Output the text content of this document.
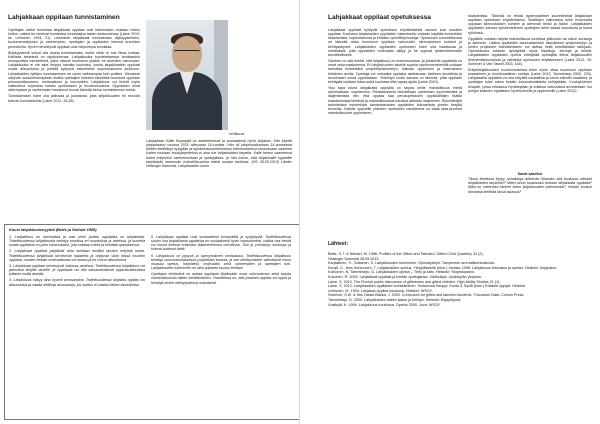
Lahjakkaan oppilaan tunnistaminen

Opettajien taidot tunnistaa lahjakkaat oppilaat ovat tutkimusten mukaan melko heikot, vaikka he toimivat luontevina tunnistajina lasten keskuudessa (Laine 2010; ks. Lehtonen 1994, 21). Useimmin lahjakkaat tunnistetaan älykkyystestien, koulumenestyksen ja vanhempien, opettajien ja oppilaiden itsensä arvioiden perusteella. Hyvin menestyvät oppilaat ovat helpoimpia tunnistaa.

Älykkyystestit voivat olla osana tunnistamista, mutta niihin ei tule liikaa luottaa. Kaikissa testeissä on rajoituksensa. Lahjakkuutta tunnistettaessa tarvitaankin monipuolisia menetelmiä, jotka ottavat huomioon yksilön eri alueiden vahvuudet. Lahjakkuutta ei ole aina helppo havaita koulussa, koska lahjakkaatkin oppilaat voivat alisuoriutua ja peittää kykynsä esimerkiksi sopeutuakseen joukkoon. Lahjakkaiden tyttöjen tunnistaminen on usein vaikeampaa kuin poikien. Ulkoisesti näkyvän koulumenestyksen lisäksi opettajien tuleekin kiinnittää huomiota oppilaan persoonallisuuteen, motivaatioon ja luovuuteen. Lahjakkuus voi ilmetä myös vaikeutena sopeutua luokan opetukseen ja levottomuutena. Oppilaiden omat näkemykset ja vanhempien havainnot tuovat tärkeää tietoa tunnistamisen tueksi.

Tunnistamisen tulee olla jatkuvaa ja joustavaa, jotta lahjakkuuden eri muodot tulevat huomioiduiksi (Laine 2012, 25-26).

Lehtikuva
Lahjakkaan Kalle Kujanpää on akateemisesti ja sosiaalisesti hyvin lahjakas. Hän kirjoitti ylioppilaaksi vuonna 2010 ollessaan 16-vuotias. Hän oli yliopistoaikanaan 14-vuotiaasta lähtien kehittänyt kykyjään ja opiskelusuunnitelmansa toteutumisessa kouluissaan saaneen Kallen mukaan koulujärjestelmä ei aina tue lahjakkaiden tarpeita. Kalle kertoo saaneensa tukea erityisesti vanhemmiltaan ja opettajiltaan, ja hän toivoo, että lahjakkaille oppilaille tarjottaisiin enemmän mahdollisuuksia edetä omaan tahtiinsa. (HS 28.05.2013) Lähde: Helsingin Sanomat, Lahjakkaiden koulu.
Kuusi lahjakkuusmyyttiä (Betts ja Neihart 1988)

1. Lahjakkuus on harvinaista ja vain pieni joukko oppilaista on lahjakkaita. Todellisuudessa lahjakkuutta esiintyy monissa eri muodoissa ja asteissa, ja suurella osalla oppilaista on jokin vahvuusalue, jota voidaan tukea ja kehittää opetuksessa.

2. Lahjakkaat oppilaat pärjäävät aina omillaan eivätkä tarvitse erityistä tukea. Todellisuudessa lahjakkaat tarvitsevat haasteita ja ohjausta siinä missä muutkin oppilaat, muuten heidän motivaationsa voi laskea ja he voivat alisuoriutua.

3. Lahjakkaat oppilaat menestyvät kaikissa aineissa. Todellisuudessa lahjakkuus voi painottua tietyille alueille, ja oppilaalla voi olla samanaikaisesti oppimisvaikeuksia joillakin muilla alueilla.

4. Lahjakkuus näkyy aina hyvinä arvosanoina. Todellisuudessa lahjakas oppilas voi alisuoriutua ja saada heikkoja arvosanoja, jos opetus ei vastaa hänen tarpeisiinsa.

5. Lahjakkaat oppilaat ovat sosiaalisesti kömpelöitä ja syrjäytyviä. Todellisuudessa suurin osa lahjakkaista oppilaista on sosiaalisesti hyvin sopeutuneita, vaikka osa heistä voi kokea itsensä erilaisiksi ikätovereihinsa verrattuna. Tuki ja ymmärrys koulussa ja kotona auttavat heitä.

6. Lahjakkuus on pysyvä ja synnynnäinen ominaisuus. Todellisuudessa lahjakkuus kehittyy vuorovaikutuksessa ympäristön kanssa, ja sen kehittymiseen vaikuttavat muun muassa opetus, harjoittelu, motivaatio sekä vanhempien ja opettajien tuki. Lahjakkuuden tukeminen on siksi jokaisen koulun tehtävä.

Opettajan tehtävänä on auttaa oppilasta löytämään omat vahvuutensa sekä tarjota mahdollisuuksia niiden kehittämiseen. Tavoitteena on, että jokainen oppilas voi oppia ja kehittyä omien edellytystensä mukaisesti.

Lahjakkaat oppilaat opetuksessa

Lahjakkaat oppilaat hyötyvät opetuksen eriyttämisestä samoin kuin muutkin oppilaat. Koulussa lahjakkaiden oppilaiden tukemiseksi voidaan käyttää esimerkiksi rikastamista, nopeuttamista ja erilaisia ryhmittelymuotoja. Opetuksen suunnittelussa on tärkeää ottaa huomioon oppilaan vahvuudet, kiinnostuksen kohteet ja kehitystarpeet. Lahjakkaiden oppilaiden opetuksen tulee olla haastavaa ja mielekästä, jotta oppilaiden motivaatio säilyy ja he oppivat työskentelemään tavoitteellisesti.

Gardner on sitä mieltä, että lahjakkuus on monimuotoista, ja jokaisella oppilaalla on omat vahvuusalueensa. Eri lahjakkuuden alueille sopivia opetusmenetelmiä voidaan toteuttaa esimerkiksi projektityöskentelyn, tutkivan oppimisen ja valinnaisten tehtävien avulla. Opettaja voi rohkaista oppilaita asettamaan itselleen tavoitteita ja arvioimaan omaa oppimistaan. Yhteistyö kodin kanssa on tärkeää, jotta oppilaan kehitystä voidaan tukea sekä koulussa että vapaa-ajalla (Laine 2010).

Yksi tapa tukea lahjakkaita oppilaita on tarjota heille mahdollisuus edetä opinnoissaan nopeammin. Rikastamisella tarkoitetaan opetuksen syventämistä ja laajentamista niin, että oppilas saa perusopetuksen oppisisältöjen lisäksi haastavampia tehtäviä ja mahdollisuuksia tutustua aiheisiin laajemmin. Ryhmittelyllä tarkoitetaan esimerkiksi samantasoisten oppilaiden kokoamista yhteen tietyillä tunneilla. Kaikille oppilaille yhteisen opetuksen tavoitteena on taata tasa-arvoiset mahdollisuudet oppimiseen.

rikastamista. Tärkeää on tehdä systemaattiset suunnitelmat lahjakkaan oppilaan opetuksen eriyttämiseksi. Sisältöjen valinnassa tulee huomioida oppilaan kiinnostuksen kohteet ja aiemmat tiedot ja taidot. Lahjakkaiden oppilaiden kanssa työskentelevien opettajien tulee saada koulutusta ja tukea työhönsä.

Oppilaille voidaan tarjota mahdollisuus suorittaa yläkoulun tai lukion kursseja jo aiemmin. Lisäksi oppilaiden kannustaminen itsenäiseen työskentelyyn ja omien projektien toteuttamiseen voi auttaa heitä kehittämään taitojaan. Opetuksessa voidaan hyödyntää myös kilpailuja, kerhoja ja leirejä. Lahjakkaiden oppilaiden opetus edellyttää opettajilta tietoa lahjakkuuden ilmenemismuodoista ja valmiutta opetuksen eriyttämiseen (Laine 2012, 30; Schiever & Van Tassel 2003, 164).

Erityislahjakkuuden huomioimisessa tulee myös ottaa huomioon oppilaan sosiaalinen ja emotionaalinen kehitys (Laine 2012; Tammiharju 2000, 233). Lahjakkailla oppilailla voi olla erityisiä sosiaalisia ja tunne-elämän haasteita, ja opettajan tulee tukea heidän kokonaisvaltaista kehitystään. Kouluyhteisön ilmapiiri, jossa erilaisuus hyväksytään ja erilaisia vahvuuksia arvostetaan, luo pohjan kaikkien oppilaiden hyvinvoinnille ja oppimiselle (Laine 2012).

Sanat sakeiksi
Tässä lehdessä löytyy pohdintoja aiheesta Ollaanko sitä koulussa oikeasti lahjakkaiden tarpeisiin? Miten sinun koulussasi tuetaan lahjakkaita oppilaita? Mikä on mielestäsi tärkein keino lahjakkuuden tukemiseksi? Voisiko koulusi toimintaa kehittää tässä asiassa?
Lähteet:

Betts, G.T. & Neihart, M. 1988. Profiles of the Gifted and Talented. Gifted Child Quarterly 32 (2).

Helsingin Sanomat 28.05.2013.

Karjalainen, S., Sukanen, S. Lahjakkuuden tukeminen. Opinnäytetyö. Tampereen ammattikorkeakoulu.

Kenyll, C., teos Kuhmonen, T. Lahjakkaiden opetus. Ylioppilaslehti (toim.) Vantaa: 1998. Lahjakkuus Kasvatus ja opetus. Helsinki: Kirjapaino.

Kolhonen, N. Tammiharju, D. Lahjakkaiden opetus – Tieto ja taito. Helsinki: Yliopistopaino.

Kosonen, R. 2005. Lahjakkaat oppilaat ja heidän opettajansa. Väitöskirja. Jyväskylän yliopisto.

Laine, S. 2010. The Finnish public discussion of giftedness and gifted children. High Ability Studies 21 (1).

Laine, S. 2012. Lahjakkaiden oppilaiden kohtaaminen. Teoksessa Kauppi, Kontu & Sipilä (toim.) Erilaiset oppijat. Helsinki.

Lehtonen, M. 1994. Lahjakas oppilas koulussa. Helsinki: WSOY.

Schiever, S.W. & Van Tassel-Baska, J. 2003. Curriculum for gifted and talented students. Thousand Oaks: Corwin Press.

Tammiharju, D. 2000. Lahjakkaiden lasten kasvu ja kehitys. Helsinki: Kirjayhtymä.

Uusikylä, K. 1994. Lahjakkuus kouluissa. Opetus 2000. Juva: WSOY.
